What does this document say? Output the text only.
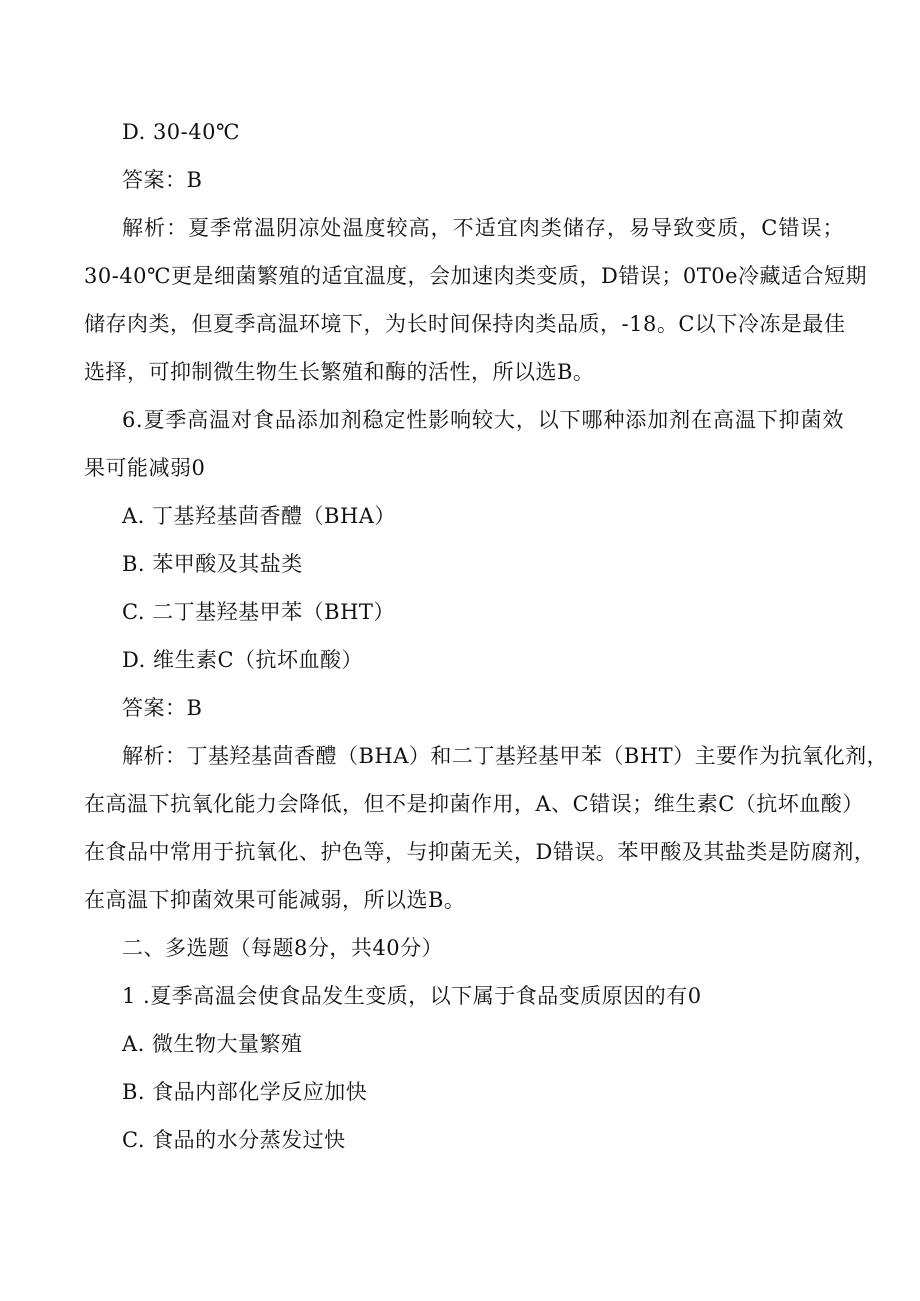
D. 30-40℃
答案：B
解析：夏季常温阴凉处温度较高，不适宜肉类储存，易导致变质，C错误；
30-40℃更是细菌繁殖的适宜温度，会加速肉类变质，D错误；0T0e冷藏适合短期
储存肉类，但夏季高温环境下，为长时间保持肉类品质，-18。C以下冷冻是最佳
选择，可抑制微生物生长繁殖和酶的活性，所以选B。
6.夏季高温对食品添加剂稳定性影响较大，以下哪种添加剂在高温下抑菌效
果可能减弱0
A. 丁基羟基茴香醴（BHA）
B. 苯甲酸及其盐类
C. 二丁基羟基甲苯（BHT）
D. 维生素C（抗坏血酸）
答案：B
解析：丁基羟基茴香醴（BHA）和二丁基羟基甲苯（BHT）主要作为抗氧化剂，
在高温下抗氧化能力会降低，但不是抑菌作用，A、C错误；维生素C（抗坏血酸）
在食品中常用于抗氧化、护色等，与抑菌无关，D错误。苯甲酸及其盐类是防腐剂，
在高温下抑菌效果可能减弱，所以选B。
二、多选题（每题8分，共40分）
1 .夏季高温会使食品发生变质，以下属于食品变质原因的有0
A. 微生物大量繁殖
B. 食品内部化学反应加快
C. 食品的水分蒸发过快
